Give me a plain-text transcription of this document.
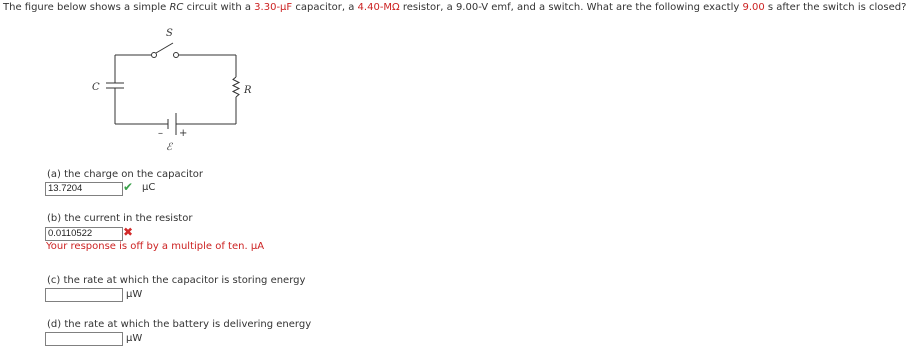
The figure below shows a simple RC circuit with a 3.30-µF capacitor, a 4.40-MΩ resistor, a 9.00-V emf, and a switch. What are the following exactly 9.00 s after the switch is closed?
S
C	R
ℰ
– +
(a) the charge on the capacitor
13.7204	✔ µC
(b) the current in the resistor
0.0110522	✖
Your response is off by a multiple of ten. µA
(c) the rate at which the capacitor is storing energy
µW
(d) the rate at which the battery is delivering energy
µW
